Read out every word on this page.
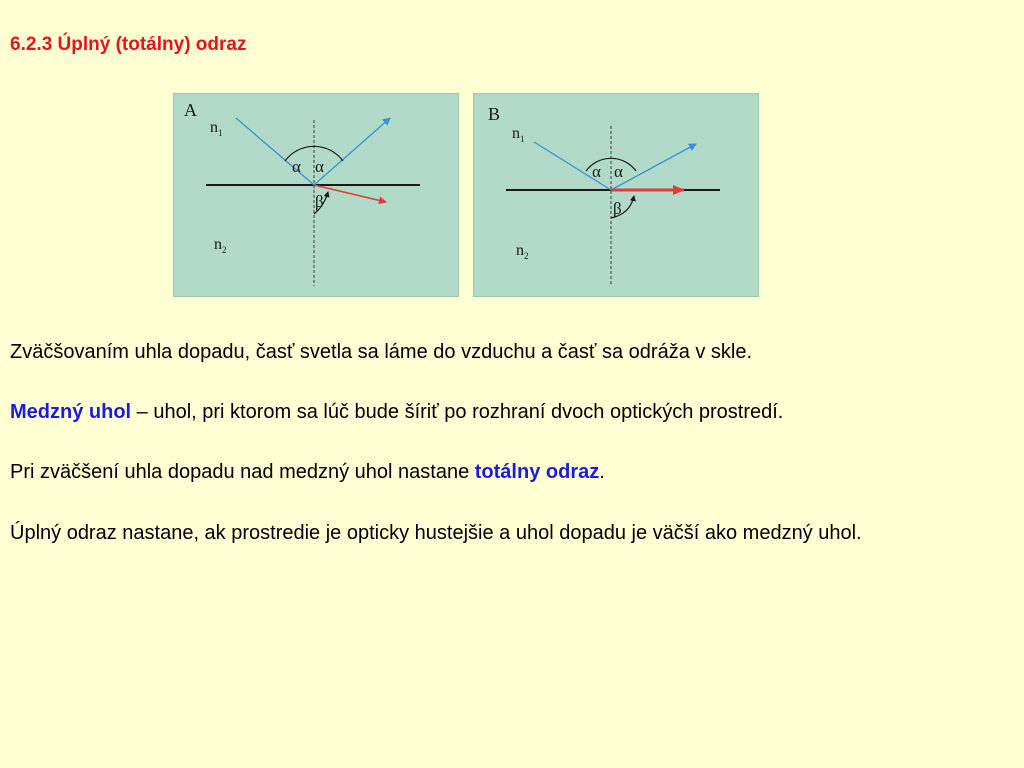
6.2.3 Úplný (totálny) odraz
A
$n_1$
$n_2$
α α
β
B
$n_1$
$n_2$
α α
β

Zväčšovaním uhla dopadu, časť svetla sa láme do vzduchu a časť sa odráža v skle.

Medzný uhol – uhol, pri ktorom sa lúč bude šíriť po rozhraní dvoch optických prostredí.

Pri zväčšení uhla dopadu nad medzný uhol nastane totálny odraz.

Úplný odraz nastane, ak prostredie je opticky hustejšie a uhol dopadu je väčší ako medzný uhol.
